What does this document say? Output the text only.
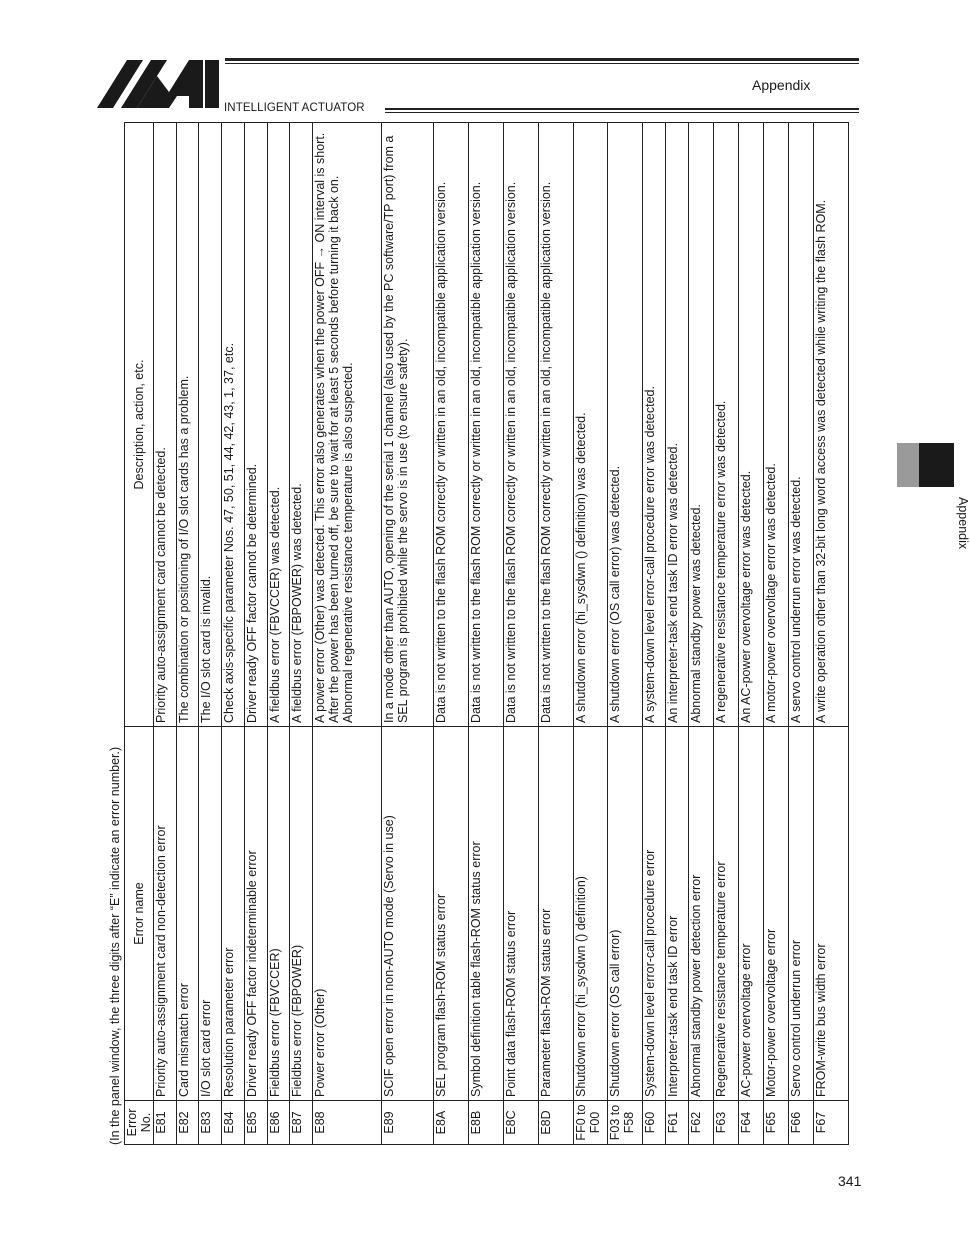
Appendix
INTELLIGENT ACTUATOR
Appendix
(In the panel window, the three digits after “E” indicate an error number.) Error No.	Error name	Description, action, etc.
E81	Priority auto-assignment card non-detection error	Priority auto-assignment card cannot be detected.
E82	Card mismatch error	The combination or positioning of I/O slot cards has a problem.
E83	I/O slot card error	The I/O slot card is invalid.
E84	Resolution parameter error	Check axis-specific parameter Nos. 47, 50, 51, 44, 42, 43, 1, 37, etc.
E85	Driver ready OFF factor indeterminable error	Driver ready OFF factor cannot be determined.
E86	Fieldbus error (FBVCCER)	A fieldbus error (FBVCCER) was detected.
E87	Fieldbus error (FBPOWER)	A fieldbus error (FBPOWER) was detected.
E88	Power error (Other)	A power error (Other) was detected. This error also generates when the power OFF → ON interval is short. After the power has been turned off, be sure to wait for at least 5 seconds before turning it back on. Abnormal regenerative resistance temperature is also suspected.
E89	SCIF open error in non-AUTO mode (Servo in use)	In a mode other than AUTO, opening of the serial 1 channel (also used by the PC software/TP port) from a SEL program is prohibited while the servo is in use (to ensure safety).
E8A	SEL program flash-ROM status error	Data is not written to the flash ROM correctly or written in an old, incompatible application version.
E8B	Symbol definition table flash-ROM status error	Data is not written to the flash ROM correctly or written in an old, incompatible application version.
E8C	Point data flash-ROM status error	Data is not written to the flash ROM correctly or written in an old, incompatible application version.
E8D	Parameter flash-ROM status error	Data is not written to the flash ROM correctly or written in an old, incompatible application version.
FF0 to F00	Shutdown error (hi_sysdwn () definition)	A shutdown error (hi_sysdwn () definition) was detected.
F03 to F58	Shutdown error (OS call error)	A shutdown error (OS call error) was detected.
F60	System-down level error-call procedure error	A system-down level error-call procedure error was detected.
F61	Interpreter-task end task ID error	An interpreter-task end task ID error was detected.
F62	Abnormal standby power detection error	Abnormal standby power was detected.
F63	Regenerative resistance temperature error	A regenerative resistance temperature error was detected.
F64	AC-power overvoltage error	An AC-power overvoltage error was detected.
F65	Motor-power overvoltage error	A motor-power overvoltage error was detected.
F66	Servo control underrun error	A servo control underrun error was detected.
F67	FROM-write bus width error	A write operation other than 32-bit long word access was detected while writing the flash ROM.
341
